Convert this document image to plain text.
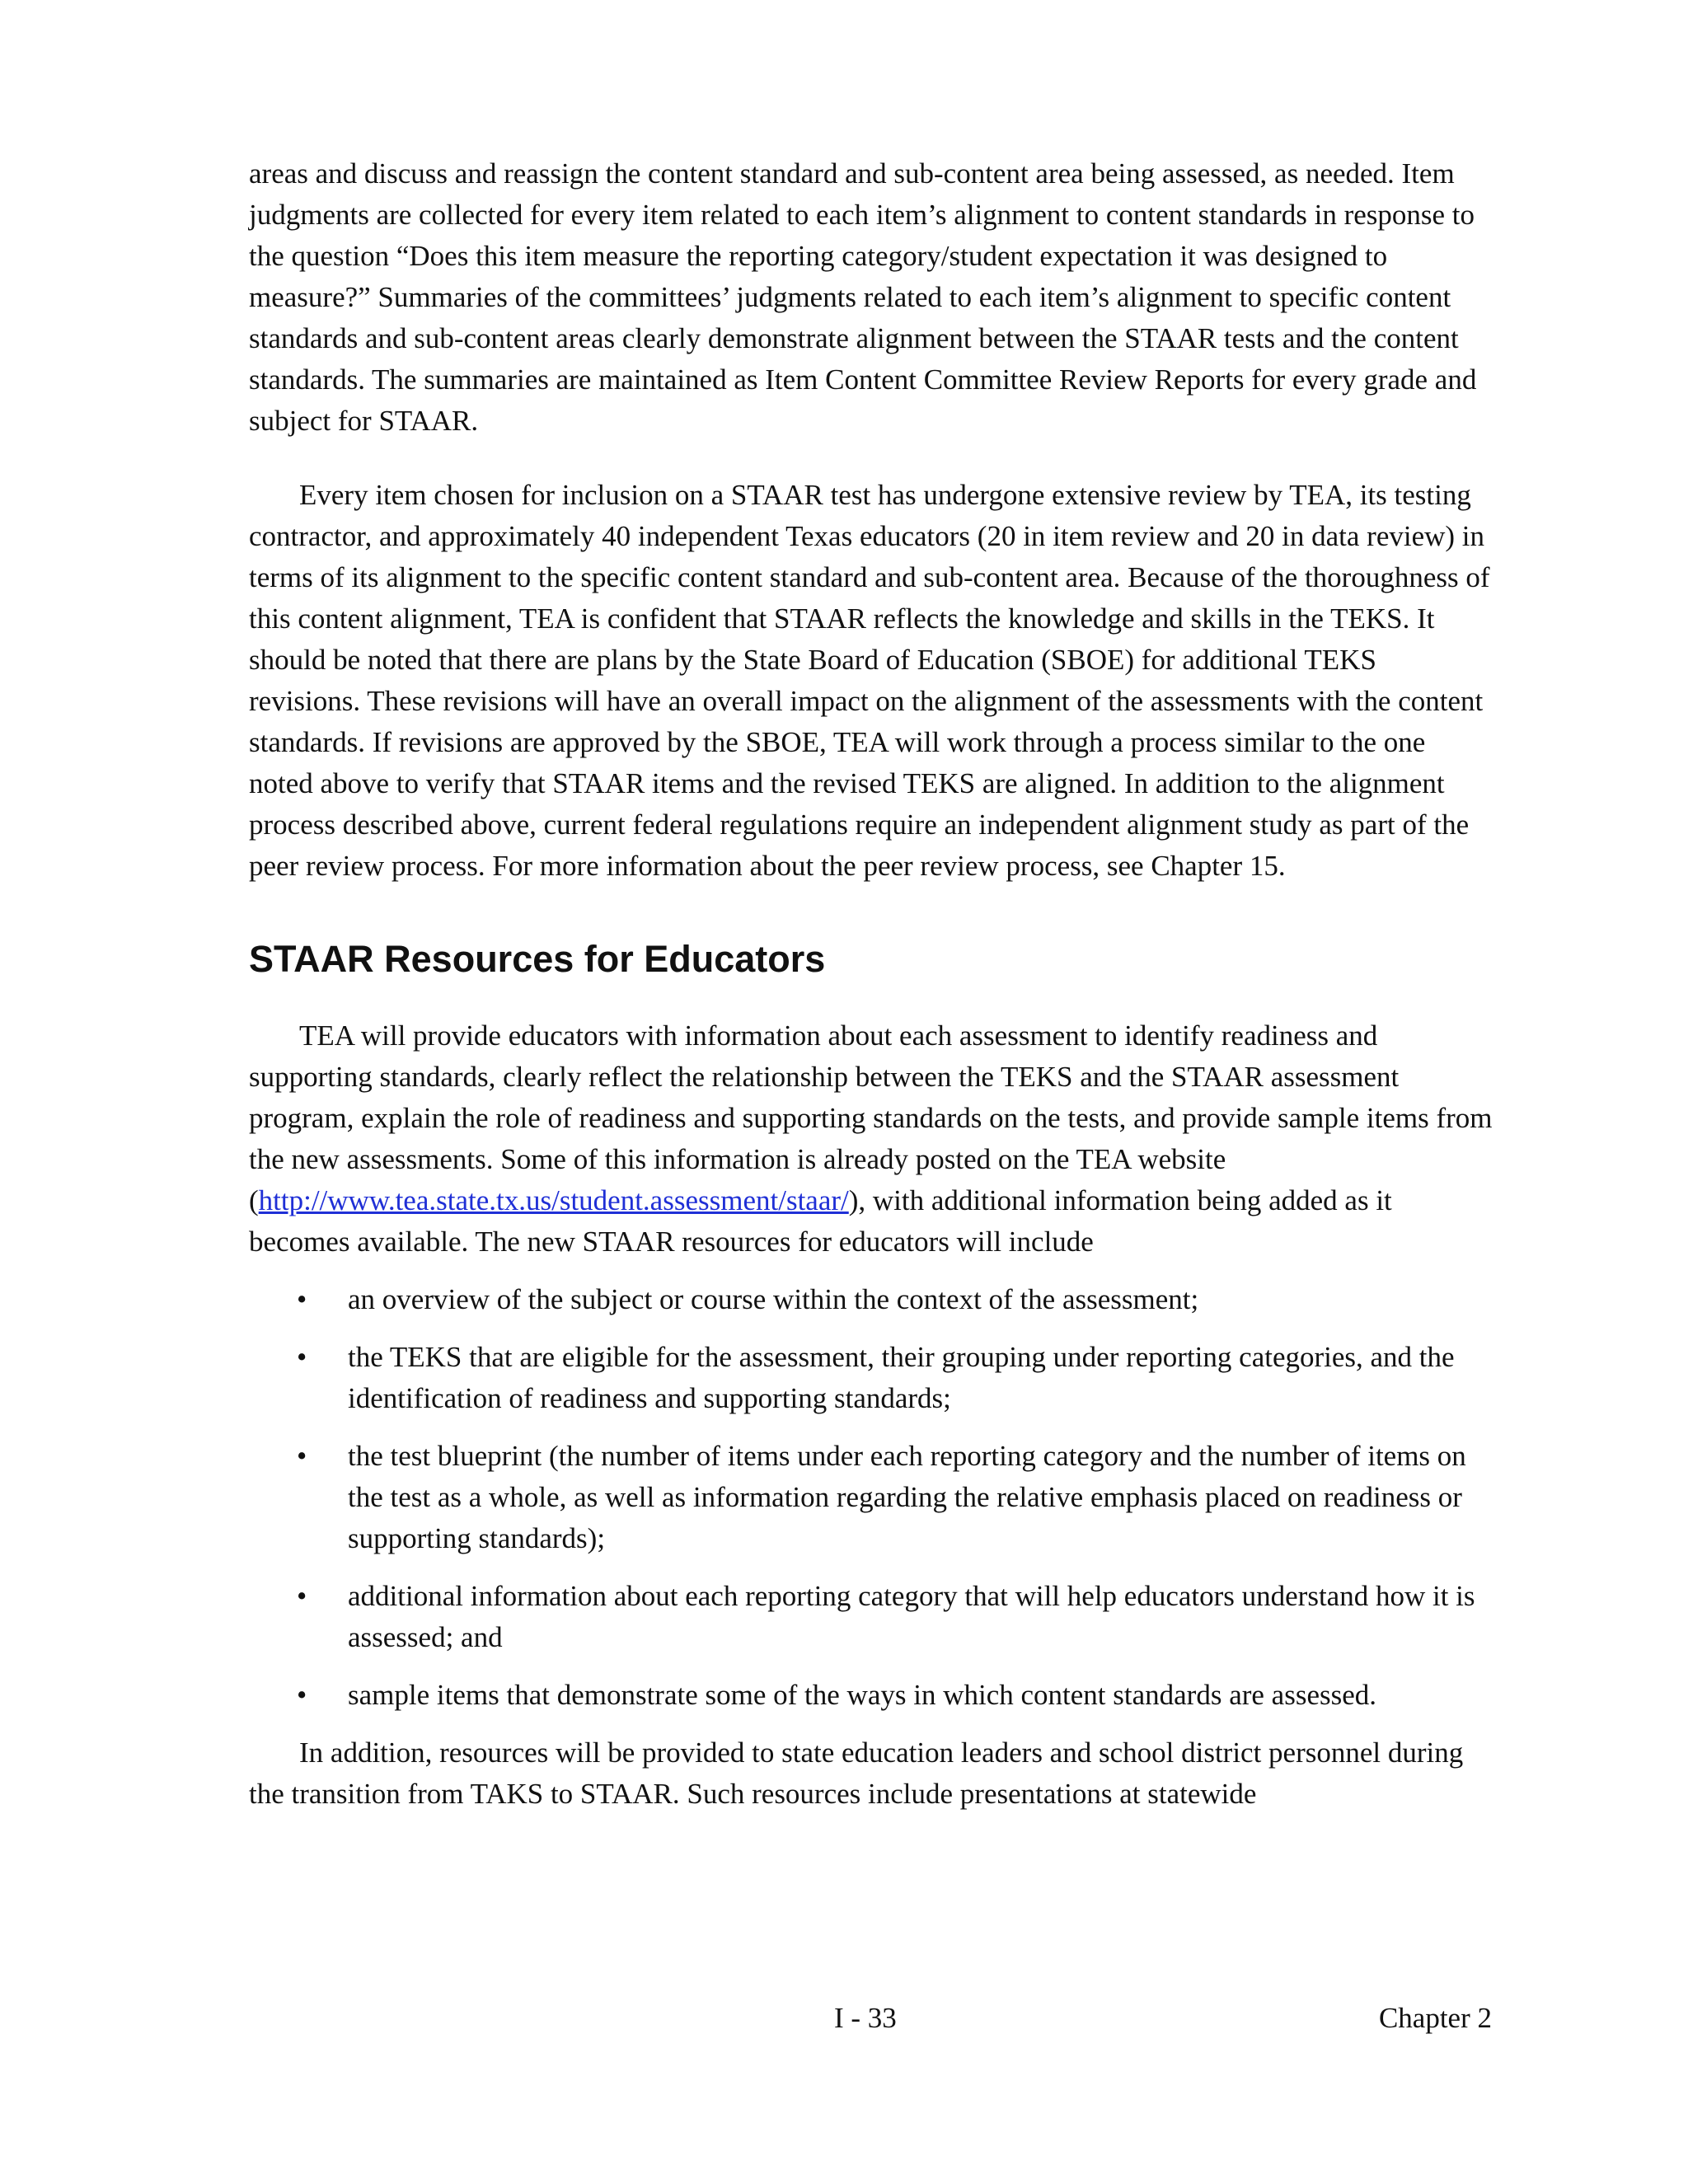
areas and discuss and reassign the content standard and sub-content area being assessed, as needed. Item judgments are collected for every item related to each item’s alignment to content standards in response to the question “Does this item measure the reporting category/student expectation it was designed to measure?” Summaries of the committees’ judgments related to each item’s alignment to specific content standards and sub-content areas clearly demonstrate alignment between the STAAR tests and the content standards. The summaries are maintained as Item Content Committee Review Reports for every grade and subject for STAAR.

Every item chosen for inclusion on a STAAR test has undergone extensive review by TEA, its testing contractor, and approximately 40 independent Texas educators (20 in item review and 20 in data review) in terms of its alignment to the specific content standard and sub-content area. Because of the thoroughness of this content alignment, TEA is confident that STAAR reflects the knowledge and skills in the TEKS. It should be noted that there are plans by the State Board of Education (SBOE) for additional TEKS revisions. These revisions will have an overall impact on the alignment of the assessments with the content standards. If revisions are approved by the SBOE, TEA will work through a process similar to the one noted above to verify that STAAR items and the revised TEKS are aligned. In addition to the alignment process described above, current federal regulations require an independent alignment study as part of the peer review process. For more information about the peer review process, see Chapter 15.

STAAR Resources for Educators

TEA will provide educators with information about each assessment to identify readiness and supporting standards, clearly reflect the relationship between the TEKS and the STAAR assessment program, explain the role of readiness and supporting standards on the tests, and provide sample items from the new assessments. Some of this information is already posted on the TEA website (http://www.tea.state.tx.us/student.assessment/staar/), with additional information being added as it becomes available. The new STAAR resources for educators will include

• an overview of the subject or course within the context of the assessment;
• the TEKS that are eligible for the assessment, their grouping under reporting categories, and the identification of readiness and supporting standards;
• the test blueprint (the number of items under each reporting category and the number of items on the test as a whole, as well as information regarding the relative emphasis placed on readiness or supporting standards);
• additional information about each reporting category that will help educators understand how it is assessed; and
• sample items that demonstrate some of the ways in which content standards are assessed.

In addition, resources will be provided to state education leaders and school district personnel during the transition from TAKS to STAAR. Such resources include presentations at statewide

I - 33	Chapter 2
